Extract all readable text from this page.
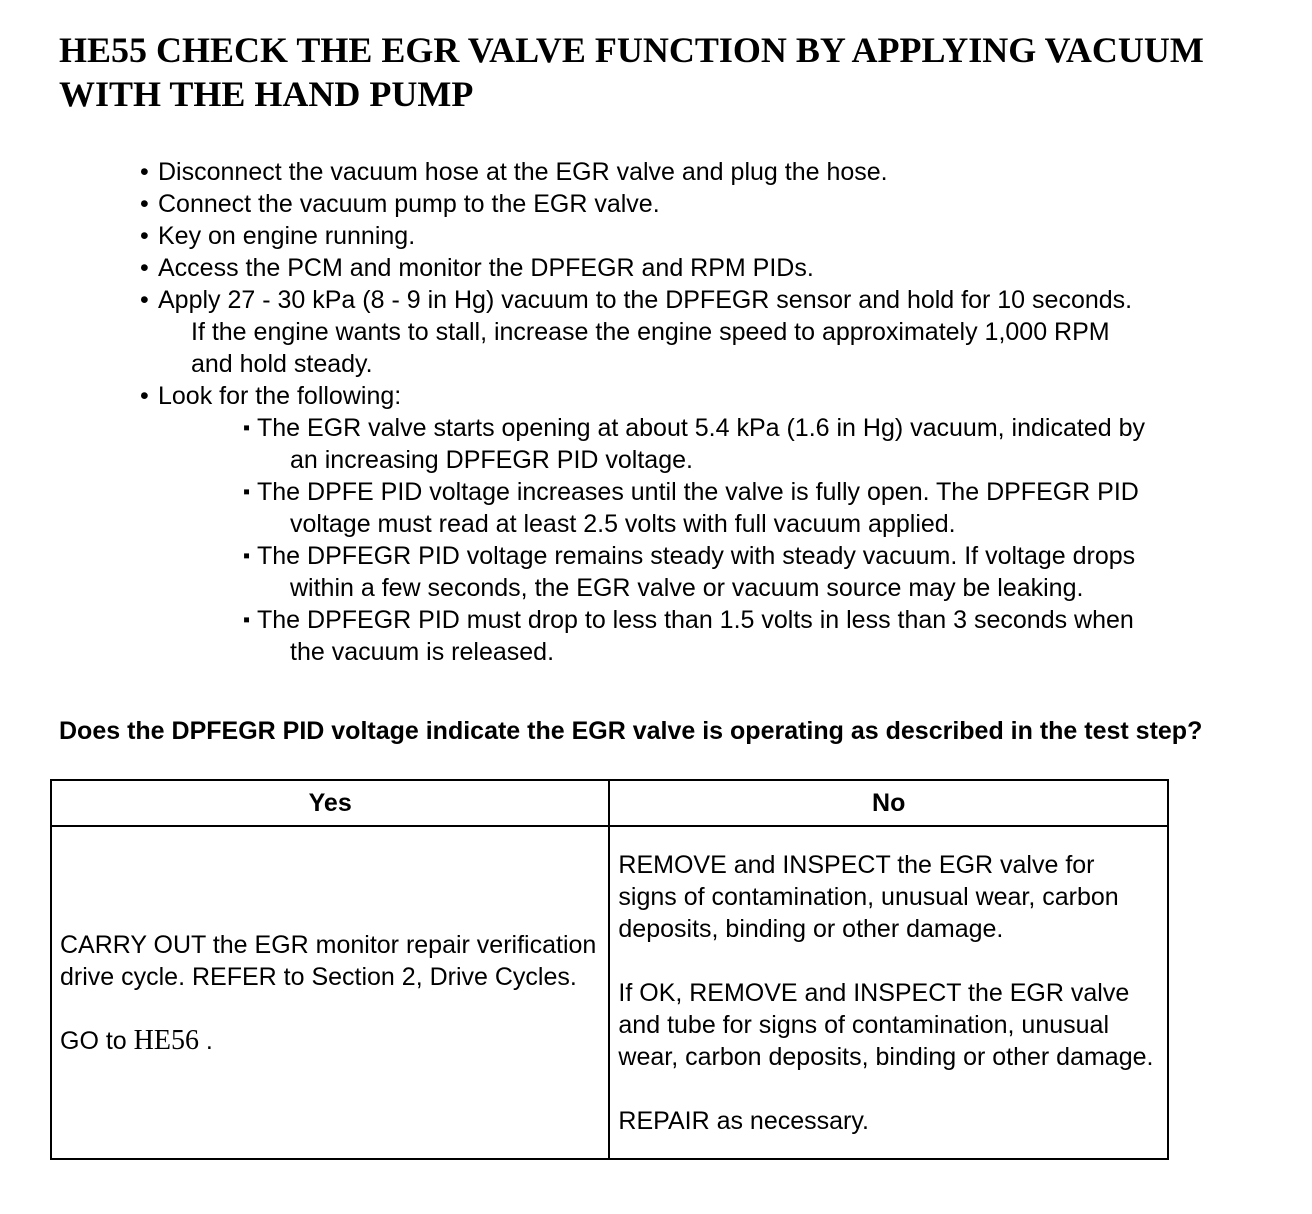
HE55 CHECK THE EGR VALVE FUNCTION BY APPLYING VACUUM WITH THE HAND PUMP
• Disconnect the vacuum hose at the EGR valve and plug the hose.
• Connect the vacuum pump to the EGR valve.
• Key on engine running.
• Access the PCM and monitor the DPFEGR and RPM PIDs.
• Apply 27 - 30 kPa (8 - 9 in Hg) vacuum to the DPFEGR sensor and hold for 10 seconds.
If the engine wants to stall, increase the engine speed to approximately 1,000 RPM
and hold steady.
• Look for the following:
▪ The EGR valve starts opening at about 5.4 kPa (1.6 in Hg) vacuum, indicated by
an increasing DPFEGR PID voltage.
▪ The DPFE PID voltage increases until the valve is fully open. The DPFEGR PID
voltage must read at least 2.5 volts with full vacuum applied.
▪ The DPFEGR PID voltage remains steady with steady vacuum. If voltage drops
within a few seconds, the EGR valve or vacuum source may be leaking.
▪ The DPFEGR PID must drop to less than 1.5 volts in less than 3 seconds when
the vacuum is released.
Does the DPFEGR PID voltage indicate the EGR valve is operating as described in the test step?
Yes	No

CARRY OUT the EGR monitor repair verification drive cycle. REFER to Section 2, Drive Cycles.
GO to HE56 .	REMOVE and INSPECT the EGR valve for signs of contamination, unusual wear, carbon deposits, binding or other damage.
If OK, REMOVE and INSPECT the EGR valve and tube for signs of contamination, unusual wear, carbon deposits, binding or other damage.
REPAIR as necessary.
